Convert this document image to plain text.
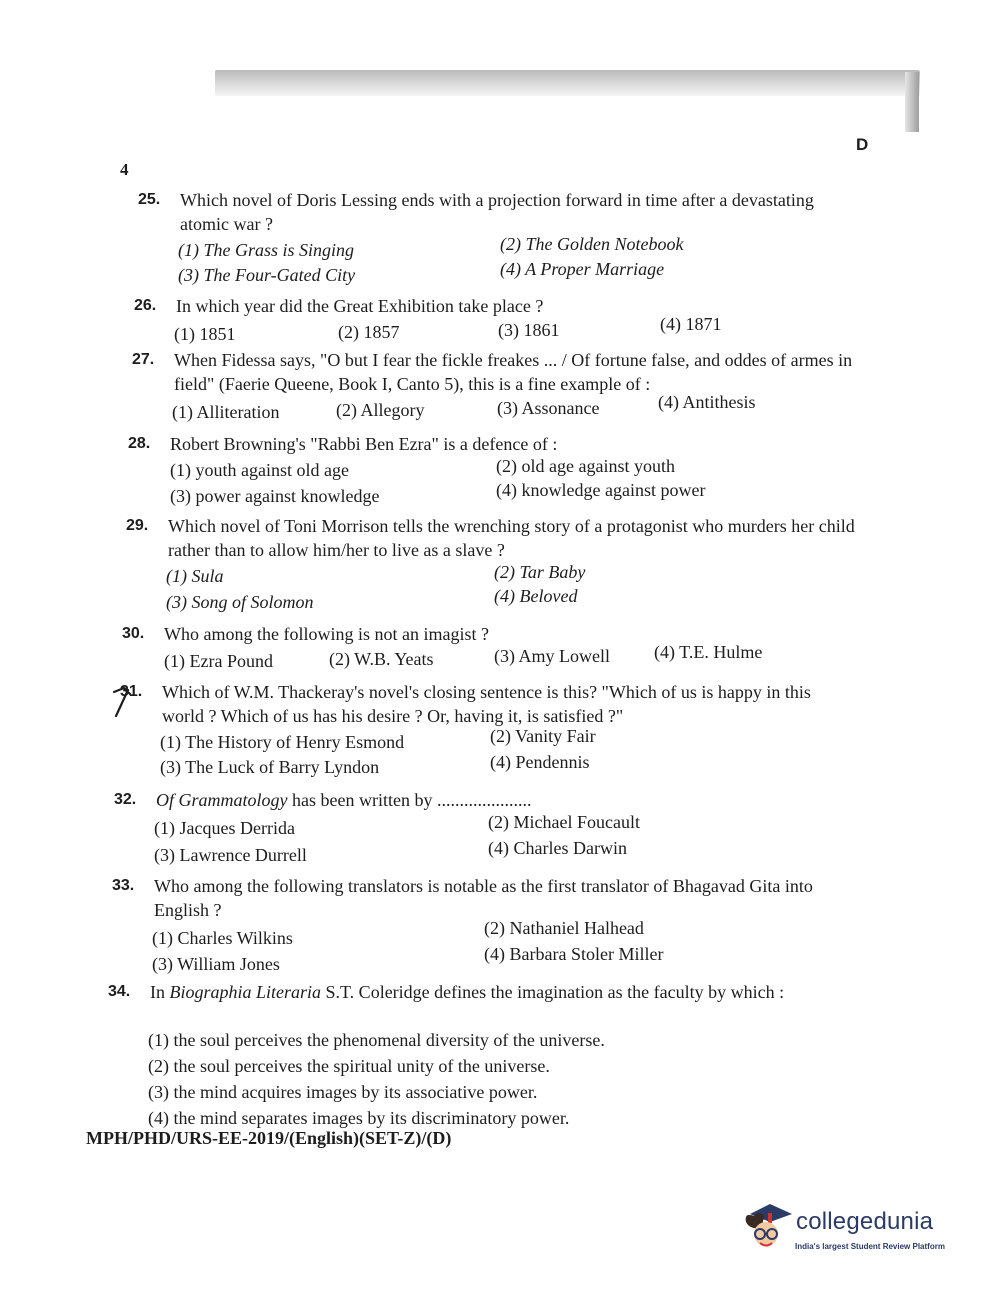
4
D
25. Which novel of Doris Lessing ends with a projection forward in time after a devastating atomic war ?
(1) The Grass is Singing	(2) The Golden Notebook
(3) The Four-Gated City	(4) A Proper Marriage
26. In which year did the Great Exhibition take place ?
(1) 1851	(2) 1857	(3) 1861	(4) 1871
27. When Fidessa says, "O but I fear the fickle freakes ... / Of fortune false, and oddes of armes in field" (Faerie Queene, Book I, Canto 5), this is a fine example of :
(1) Alliteration	(2) Allegory	(3) Assonance	(4) Antithesis
28. Robert Browning's "Rabbi Ben Ezra" is a defence of :
(1) youth against old age	(2) old age against youth
(3) power against knowledge	(4) knowledge against power
29. Which novel of Toni Morrison tells the wrenching story of a protagonist who murders her child rather than to allow him/her to live as a slave ?
(1) Sula	(2) Tar Baby
(3) Song of Solomon	(4) Beloved
30. Who among the following is not an imagist ?
(1) Ezra Pound	(2) W.B. Yeats	(3) Amy Lowell (4) T.E. Hulme
31. Which of W.M. Thackeray's novel's closing sentence is this? "Which of us is happy in this world ? Which of us has his desire ? Or, having it, is satisfied ?"
(1) The History of Henry Esmond	(2) Vanity Fair
(3) The Luck of Barry Lyndon	(4) Pendennis
32. Of Grammatology has been written by .....................
(1) Jacques Derrida	(2) Michael Foucault
(3) Lawrence Durrell	(4) Charles Darwin
33. Who among the following translators is notable as the first translator of Bhagavad Gita into English ?
(1) Charles Wilkins	(2) Nathaniel Halhead
(3) William Jones	(4) Barbara Stoler Miller
34. In Biographia Literaria S.T. Coleridge defines the imagination as the faculty by which :
(1) the soul perceives the phenomenal diversity of the universe.
(2) the soul perceives the spiritual unity of the universe.
(3) the mind acquires images by its associative power.
(4) the mind separates images by its discriminatory power.
MPH/PHD/URS-EE-2019/(English)(SET-Z)/(D)
collegedunia
India's largest Student Review Platform
